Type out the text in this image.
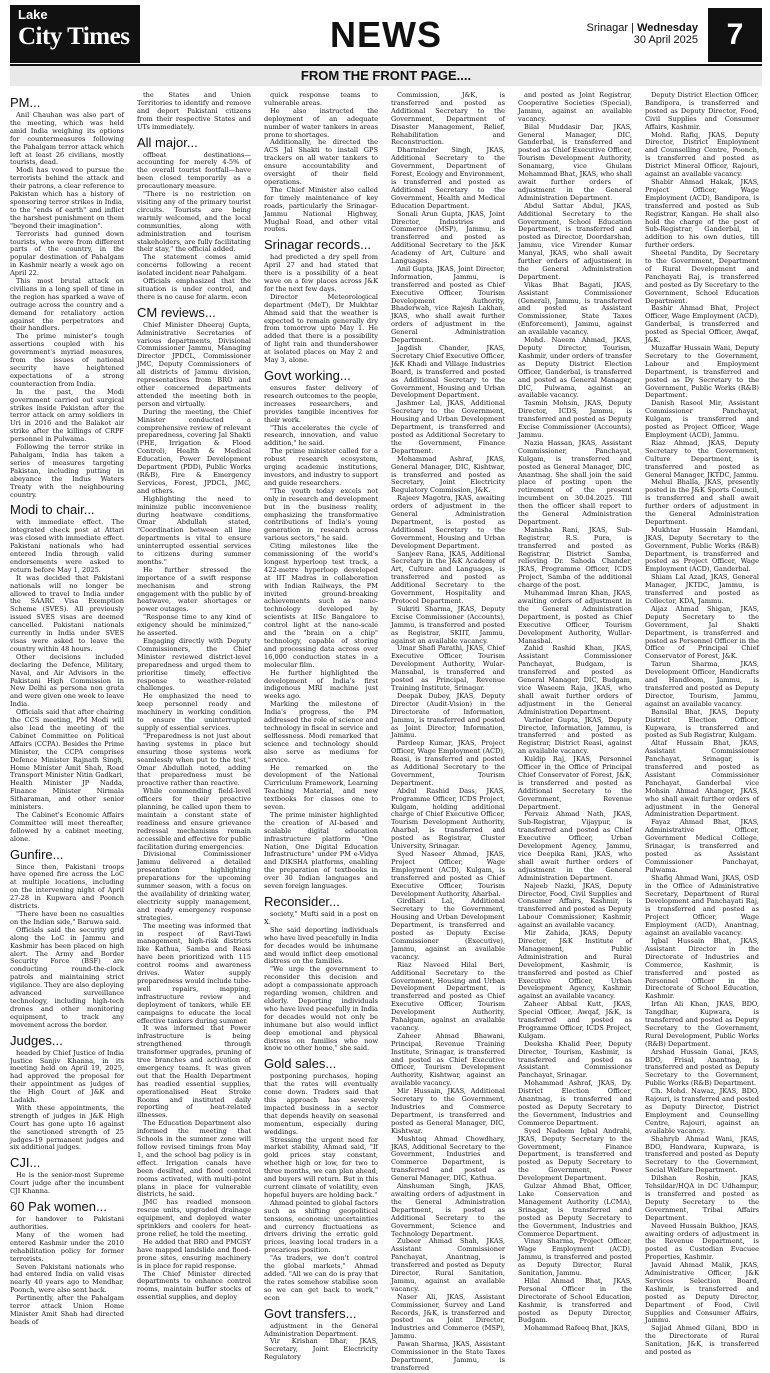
Lake
City Times	NEWS	Srinagar | Wednesday
30 April 2025 7
FROM THE FRONT PAGE....
PM...

Anil Chauhan was also part of the meeting, which was held amid India weighing its options for countermeasures following the Pahalgam terror attack which left at least 26 civilians, mostly tourists, dead.

Modi has vowed to pursue the terrorists behind the attack and their patrons, a clear reference to Pakistan which has a history of sponsoring terror strikes in India, to the "ends of earth" and inflict the harshest punishment on them "beyond their imagination".

Terrorists had gunned down tourists, who were from different parts of the country, in the popular destination of Pahalgam in Kashmir nearly a week ago on April 22.

This most brutal attack on civilians in a long spell of time in the region has sparked a wave of outrage across the country and a demand for retaliatory action against the perpetrators and their handlers.

The prime minister's tough assertions coupled with his government's myriad measures, from the issues of national security have heightened expectations of a strong counteraction from India.

In the past, the Modi government carried out surgical strikes inside Pakistan after the terror attack on army soldiers in Uri in 2016 and the Balakot air strike after the killings of CRPF personnel in Pulwama.

Following the terror strike in Pahalgam, India has taken a series of measures targeting Pakistan, including putting in abeyance the Indus Waters Treaty with the neighbouring country.

Modi to chair...

with immediate effect. The integrated check post at Attari was closed with immediate effect. Pakistani nationals who had entered India through valid endorsements were asked to return before May 1, 2025.

It was decided that Pakistani nationals will no longer be allowed to travel to India under the SAARC Visa Exemption Scheme (SVES). All previously issued SVES visas are deemed cancelled. Pakistani nationals currently in India under SVES visas were asked to leave the country within 48 hours.

Other decisions included declaring the Defence, Military, Naval, and Air Advisors in the Pakistani High Commission in New Delhi as persona non grata and were given one week to leave India.

Officials said that after chairing the CCS meeting, PM Modi will also lead the meeting of the Cabinet Committee on Political Affairs (CCPA). Besides the Prime Minister, the CCPA comprises Defence Minister Rajnath Singh, Home Minister Amit Shah, Road Transport Minister Nitin Gadkari, Health Minister JP Nadda, Finance Minister Nirmala Sitharaman, and other senior ministers.

The Cabinet's Economic Affairs Committee will meet thereafter, followed by a cabinet meeting, alone.

Gunfire...

Since then, Pakistani troops have opened fire across the LoC at multiple locations, including on the intervening night of April 27-28 in Kupwara and Poonch districts.

"There have been no casualties on the Indian side," Baruwa said.

Officials said the security grid along the LoC in Jammu and Kashmir has been placed on high alert. The Army and Border Security Force (BSF) are conducting round-the-clock patrols and maintaining strict vigilance. They are also deploying advanced surveillance technology, including high-tech drones and other monitoring equipment, to track any movement across the border.

Judges...

headed by Chief Justice of India Justice Sanjiv Khanna, in its meeting held on April 19, 2025, had approved the proposal for their appointment as judges of the High Court of J&K and Ladakh.

With these appointments, the strength of judges in J&K High Court has gone upto 16 against the sanctioned strength of 25 judges-19 permanent judges and six additional judges.

CJI...

He is the senior-most Supreme Court judge after the incumbent CJI Khanna.

60 Pak women...

for handover to Pakistani authorities.

Many of the women had entered Kashmir under the 2010 rehabilitation policy for former terrorists.

Seven Pakistani nationals who had entered India on valid visas nearly 40 years ago to Mendhar, Poonch, were also sent back.

Pertinently, after the Pahalgam terror attack Union Home Minister Amit Shah had directed heads of

the States and Union Territories to identify and remove and deport Pakistani citizens from their respective States and UTs immediately.

All major...

offbeat destinations—accounting for merely 4-5% of the overall tourist footfall—have been closed temporarily as a precautionary measure.

"There is no restriction on visiting any of the primary tourist circuits. Tourists are being warmly welcomed, and the local communities, along with administration and tourism stakeholders, are fully facilitating their stay," the official added.

The statement comes amid concerns following a recent isolated incident near Pahalgam.

Officials emphasized that the situation is under control, and there is no cause for alarm. econ

CM reviews...

Chief Minister Dheeraj Gupta, Administrative Secretaries of various departments, Divisional Commissioner Jammu, Managing Director JPDCL, Commissioner JMC, Deputy Commissioners of all districts of Jammu division, representatives from BRO and other concerned departments attended the meeting both in person and virtually.

During the meeting, the Chief Minister conducted a comprehensive review of relevant preparedness, covering Jal Shakti (PHE, Irrigation & Flood Control), Health & Medical Education, Power Development Department (PDD), Public Works (R&B), Fire & Emergency Services, Forest, JPDCL, JMC, and others.

Highlighting the need to minimize public inconvenience during heatwave conditions, Omar Abdullah stated, "Coordination between all line departments is vital to ensure uninterrupted essential services to citizens during summer months."

He further stressed the importance of a swift response mechanism and strong engagement with the public by of heatwave, water shortages or power outages.

"Response time to any kind of exigency should be minimized," he asserted.

Engaging directly with Deputy Commissioners, the Chief Minister reviewed district-level preparedness and urged them to prioritise timely, effective response to weather-related challenges.

He emphasized the need to keep personnel ready and machinery in working condition to ensure the uninterrupted supply of essential services.

"Preparedness is not just about having systems in place but ensuring those systems work seamlessly when put to the test," Omar Abdullah noted, adding that preparedness must be proactive rather than reactive.

While commending field-level officers for their proactive planning, he called upon them to maintain a constant state of readiness and ensure grievance redressal mechanisms remain accessible and effective for public facilitation during emergencies.

Divisional Commissioner Jammu delivered a detailed presentation highlighting preparations for the upcoming summer season, with a focus on the availability of drinking water, electricity supply management, and ready emergency response strategies.

The meeting was informed that in respect of Ravi-Tawi management, high-risk districts like Kathua, Samba and Reasi have been prioritized with 115 control rooms and awareness drives. Water supply preparedness would include tube-well repairs, mapping, infrastructure review and deployment of tankers, while EE campaigns to educate the local effective tankers during summer.

It was informed that Power infrastructure is being strengthened through transformer upgrades, pruning of tree branches and activation of emergency teams. It was given out that the Health Department has readied essential supplies, operationalised Heat Stroke Rooms and instituted daily reporting of heat-related illnesses.

The Education Department also informed the meeting that Schools in the summer zone will follow revised timings from May 1, and the school bag policy is in effect. Irrigation canals have been desilted, and flood control rooms activated, with multi-point plans in place for vulnerable districts, he said.

JMC has readied monsoon rescue units, upgraded drainage equipment, and deployed water sprinklers and coolers for heat-prone relief, he told the meeting.

He added that BRO and PMGSY have mapped landslide and flood-prone sites, ensuring machinery is in place for rapid response.

The Chief Minister directed departments to enhance control rooms, maintain buffer stocks of essential supplies, and deploy

quick response teams to vulnerable areas.

He also instructed the deployment of an adequate number of water tankers in areas prone to shortages.

Additionally, he directed the ACS Jal Shakti to install GPS trackers on all water tankers to ensure accountability and oversight of their field operations.

The Chief Minister also called for timely maintenance of key roads, particularly the Srinagar-Jammu National Highway, Mughal Road, and other vital routes.

Srinagar records...

had predicted a dry spell from April 27 and had stated that there is a possibility of a heat wave on a few places across J&K for the next few days.

Director Meteorological department (MeT), Dr Mukhtar Ahmad said that the weather is expected to remain generally dry from tomorrow upto May 1. He added that there is a possibility of light rain and thundershower at isolated places on May 2 and May 3, alone.

Govt working...

ensures faster delivery of research outcomes to the people, increases researchers, and provides tangible incentives for their work.

"This accelerates the cycle of research, innovation, and value addition," he said.

The prime minister called for a robust research ecosystem, urging academic institutions, investors, and industry to support and guide researchers.

"The youth today excels not only in research and development but in the business reality, emphasizing the transformative contributions of India's young generation in research across various sectors," he said.

Citing milestones like the commissioning of the world's longest hyperloop test track, a 422-metre hyperloop developed at IIT Madras in collaboration with Indian Railways, the PM invited ground-breaking achievements such as nano-technology developed by scientists at IISc Bangalore to control light at the nano-scale and the "brain on a chip" technology, capable of storing and processing data across over 16,000 conduction states in a molecular film.

He further highlighted the development of India's first indigenous MRI machine just weeks ago.

Marking the milestone of India's progress, the PM addressed the role of science and technology in fiscal in service and selflessness. Modi remarked that science and technology should also serve as mediums for service.

He remarked on the development of the National Curriculum Framework, Learning Teaching Material, and new textbooks for classes one to seven.

The prime minister highlighted the creation of AI-based and scalable digital education infrastructure platform "One Nation, One Digital Education Infrastructure" under PM e-Vidya and DIKSHA platforms, enabling the preparation of textbooks in over 30 Indian languages and seven foreign languages.

Reconsider...

society," Mufti said in a post on X.

She said deporting individuals who have lived peacefully in India for decades would be inhumane and would inflict deep emotional distress on the families.

"We urge the government to reconsider this decision and adopt a compassionate approach regarding women, children and elderly. Deporting individuals who have lived peacefully in India for decades would not only be inhumane but also would inflict deep emotional and physical distress on families who now know no other home," she said.

Gold sales...

postponing purchases, hoping that the rates will eventually come down. Traders said that this approach has severely impacted business in a sector that depends heavily on seasonal momentum, especially during weddings.

Stressing the urgent need for market stability, Ahmad said, "If gold prices stay constant, whether high or low, for two to three months, we can plan ahead, and buyers will return. But in this current climate of volatility, even hopeful buyers are holding back."

Ahmad pointed to global factors such as shifting geopolitical tensions, economic uncertainties and currency fluctuations as drivers driving the erratic gold prices, leaving local traders in a precarious position.

"As traders, we don't control the global markets," Ahmad added. "All we can do is pray that the rates somehow stabilise soon so we can get back to work," econ

Govt transfers...

adjustment in the General Administration Department.

Vir Krishan Dhar, JKAS, Secretary, Joint Electricity Regulatory

Commission, J&K, is transferred and posted as Additional Secretary to the Government, Department of Disaster Management, Relief, Rehabilitation and Reconstruction.

Dharminder Singh, JKAS, Additional Secretary to the Government, Department of Forest, Ecology and Environment, is transferred and posted as Additional Secretary to the Government, Health and Medical Education Department.

Sonali Arun Gupta, JKAS, Joint Director, Industries and Commerce (MSP), Jammu, is transferred and posted as Additional Secretary to the J&K Academy of Art, Culture and Languages.

Anil Gupta, JKAS, Joint Director, Information, Jammu, is transferred and posted as Chief Executive Officer, Tourism Development Authority, Bhaderwah, vice Rajesh Lakhan, JKAS, who shall await further orders of adjustment in the General Administration Department.

Jagdish Chander, JKAS, Secretary Chief Executive Officer, J&K Khadi and Village Industries Board, is transferred and posted as Additional Secretary to the Government, Housing and Urban Development Department.

Jashmer Lal, JKAS, Additional Secretary to the Government, Housing and Urban Development Department, is transferred and posted as Additional Secretary to the Government, Finance Department.

Mohammad Ashraf, JKAS, General Manager, DIC, Kishtwar, is transferred and posted as Secretary, Joint Electricity Regulatory Commission, J&K.

Rajeev Magotra, JKAS, awaiting orders of adjustment in the General Administration Department, is posted as Additional Secretary to the Government, Housing and Urban Development Department.

Sanjeev Rana, JKAS, Additional Secretary in the J&K Academy of Art, Culture and Languages, is transferred and posted as Additional Secretary to the Government, Hospitality and Protocol Department.

Sukriti Sharma, JKAS, Deputy Excise Commissioner (Accounts), Jammu, is transferred and posted as Registrar, SKIIT, Jammu, against an available vacancy.

Umar Shafi Parathi, JKAS, Chief Executive Officer, Tourism Development Authority, Wular-Mansabal, is transferred and posted as Principal, Revenue Training Institute, Srinagar.

Deepak Dubey, JKAS, Deputy Director (Audit-Vision) in the Directorate of Information, Jammu, is transferred and posted as Joint Director, Information, Jammu.

Pardeep Kumar, JKAS, Project Officer, Wage Employment (ACD), Reasi, is transferred and posted as Additional Secretary to the Government, Tourism Department.

Abdul Rashid Dass, JKAS, Programme Officer, ICDS Project, Kulgam, holding additional charge of Chief Executive Officer, Tourism Development Authority, Aharbal, is transferred and posted as Registrar, Cluster University, Srinagar.

Syed Naseer Ahmad, JKAS, Project Officer, Wage Employment (ACD), Kulgam, is transferred and posted as Chief Executive Officer, Tourism Development Authority, Aharbal.

Girdhari Lal, Additional Secretary to the Government, Housing and Urban Development Department, is transferred and posted as Deputy Excise Commissioner (Executive), Jammu, against an available vacancy.

Riaz Naveed Hilal Beri, Additional Secretary to the Government, Housing and Urban Development Department, is transferred and posted as Chief Executive Officer, Tourism Development Authority, Pahalgam, against an available vacancy.

Zaheer Ahmad Bhawani, Principal, Revenue Training Institute, Srinagar, is transferred and posted as Chief Executive Officer, Tourism Development Authority, Kishtwar, against an available vacancy.

Mir Hussain, JKAS, Additional Secretary to the Government, Industries and Commerce Department, is transferred and posted as General Manager, DIC, Kishtwar.

Mushtaq Ahmad Chowdhary, JKAS, Additional Secretary to the Government, Industries and Commerce Department, is transferred and posted as General Manager, DIC, Kathua.

Ainshuman Singh, JKAS, awaiting orders of adjustment in the General Administration Department, is posted as Additional Secretary to the Government, Science and Technology Department.

Zubeer Ahmad Shah, JKAS, Assistant Commissioner Panchayat, Anantnag, is transferred and posted as Deputy Director, Rural Sanitation, Jammu, against an available vacancy.

Naser Ali, JKAS, Assistant Commissioner, Survey and Land Records, J&K, is transferred and posted as Joint Director, Industries and Commerce (MSP), Jammu.

Pawan Sharma, JKAS, Assistant Commissioner in the State Taxes Department, Jammu, is transferred

and posted as Joint Registrar, Cooperative Societies (Special), Jammu, against an available vacancy.

Bilal Muddasir Dar, JKAS, General Manager, DIC, Ganderbal, is transferred and posted as Chief Executive Officer, Tourism Development Authority, Sonamarg, vice Ghulam Mohammad Bhat, JKAS, who shall await further orders of adjustment in the General Administration Department.

Abdul Sattar Abdul, JKAS, Additional Secretary to the Government, School Education Department, is transferred and posted as Director, Doordarshan, Jammu, vice Virender Kumar Manyal, JKAS, who shall await further orders of adjustment in the General Administration Department.

Vikas Bhat Bagati, JKAS, Assistant Commissioner (General), Jammu, is transferred and posted as Assistant Commissioner, State Taxes (Enforcement), Jammu, against an available vacancy.

Mohd. Naeem Ahmad, JKAS, Deputy Director, Tourism, Kashmir, under orders of transfer as Deputy District Election Officer, Ganderbal, is transferred and posted as General Manager, DIC, Pulwama, against an available vacancy.

Tasmin Mohsin, JKAS, Deputy Director, ICDS, Jammu, is transferred and posted as Deputy Excise Commissioner (Accounts), Jammu.

Nazia Hassan, JKAS, Assistant Commissioner, Panchayat, Kulgam, is transferred and posted as General Manager, DIC, Anantnag. She shall join the said place of posting upon the retirement of the present incumbent on 30.04.2025. Till then the officer shall report to the General Administration Department.

Manisha Rani, JKAS, Sub-Registrar, R.S. Pura, is transferred and posted as Registrar, District Samba, relieving Dr. Sahoda Chander, JKAS, Programme Officer, ICDS Project, Samba of the additional charge of the post.

Muhammad Imran Khan, JKAS, awaiting orders of adjustment in the General Administration Department, is posted as Chief Executive Officer, Tourism Development Authority, Wullar-Manasbal.

Zahid Rashid Khan, JKAS, Assistant Commissioner Panchayat, Budgam, is transferred and posted as General Manager, DIC, Budgam, vice Waseem Raja, JKAS, who shall await further orders of adjustment in the General Administration Department.

Varinder Gupta, JKAS, Deputy Director, Information, Jammu, is transferred and posted as Registrar, District Reasi, against an available vacancy.

Kuldip Raj, JKAS, Personnel Officer in the Office of Principal Chief Conservator of Forest, J&K, is transferred and posted as Additional Secretary to the Government, Revenue Department.

Pervaiz Ahmad Nath, JKAS, Sub-Registrar, Vijaypur, is transferred and posted as Chief Executive Officer, Urban Development Agency, Jammu, vice Deepika Rani, JKAS, who shall await further orders of adjustment in the General Administration Department.

Najeeb Nazki, JKAS, Deputy Director, Food, Civil Supplies and Consumer Affairs, Kashmir, is transferred and posted as Deputy Labour Commissioner, Kashmir, against an available vacancy.

Mir Zahida, JKAS, Deputy Director, J&K Institute of Management, Public Administration and Rural Development, Kashmir, is transferred and posted as Chief Executive Officer, Urban Development Agency, Kashmir, against an available vacancy.

Zaheer Abbal Kutt, JKAS, Special Officer, Awqaf, J&K, is transferred and posted as Programme Officer, ICDS Project, Kulgam.

Deeksha Khalid Peer, Deputy Director, Tourism, Kashmir, is transferred and posted as Assistant Commissioner Panchayat, Srinagar.

Mohammad Ashraf, JKAS, Dy. District Election Officer, Anantnag, is transferred and posted as Deputy Secretary to the Government, Industries and Commerce Department.

Syed Nadeem Iqbal Andrabi, JKAS, Deputy Secretary to the Government, Finance Department, is transferred and posted as Deputy Secretary to the Government, Power Development Department.

Gulzar Ahmad Bhat, Officer, Lake Conservation and Management Authority (LCMA), Srinagar, is transferred and posted as Deputy Secretary to the Government, Industries and Commerce Department.

Vinay Sharma, Project Officer, Wage Employment (ACD), Jammu, is transferred and posted as Deputy Director, Rural Sanitation, Jammu.

Hilal Ahmad Bhat, JKAS, Personal Officer in the Directorate of School Education, Kashmir, is transferred and posted as Deputy Director, Budgam.

Mohammad Rafeeq Bhat, JKAS,

Deputy District Election Officer, Bandipora, is transferred and posted as Deputy Director, Food, Civil Supplies and Consumer Affairs, Kashmir.

Mohd. Rafiq, JKAS, Deputy Director, District Employment and Counselling Centre, Poonch, is transferred and posted as District Mineral Officer, Rajouri, against an available vacancy.

Shabir Ahmad Hakak, JKAS, Project Officer, Wage Employment (ACD), Bandipora, is transferred and posted as Sub Registrar, Kangan. He shall also hold the charge of the post of Sub-Registrar, Ganderbal, in addition to his own duties, till further orders.

Sheetal Pandita, Dy Secretary to the Government, Department of Rural Development and Panchayati Raj, is transferred and posted as Dy Secretary to the Government, School Education Department.

Bashir Ahmad Bhat, Project Officer, Wage Employment (ACD), Ganderbal, is transferred and posted as Special Officer, Awqaf, J&K.

Muzaffar Hussain Wani, Deputy Secretary to the Government, Labour and Employment Department, is transferred and posted as Dy Secretary to the Government, Public Works (R&B) Department.

Danish Rasool Mir, Assistant Commissioner Panchayat, Kulgam, is transferred and posted as Project Officer, Wage Employment (ACD), Jammu.

Riaz Ahmad, JKAS, Deputy Secretary to the Government, Culture Department, is transferred and posted as General Manager, JKTDC, Jammu.

Mehul Bhalla, JKAS, presently posted in the J&K Sports Council, is transferred and shall await further orders of adjustment in the General Administration Department.

Mukhtar Hussain Hamdani, JKAS, Deputy Secretary to the Government, Public Works (R&B) Department, is transferred and posted as Project Officer, Wage Employment (ACD), Ganderbal.

Shiam Lal Azad, JKAS, General Manager, JKTDC, Jammu, is transferred and posted as Collector, KDA, Jammu.

Aijaz Ahmad Shigan, JKAS, Deputy Secretary to the Government, Jal Shakti Department, is transferred and posted as Personnel Officer in the Office of Principal Chief Conservator of Forest, J&K.

Tarun Sharma, JKAS, Development Officer, Handicrafts and Handloom, Jammu, is transferred and posted as Deputy Director, Tourism, Jammu, against an available vacancy.

Bansilal Bhat, JKAS, Deputy District Election Officer, Kupwara, is transferred and posted as Sub Registrar, Kulgam.

Altaf Hussain Bhat, JKAS, Assistant Commissioner Panchayat, Srinagar, is transferred and posted as Assistant Commissioner Panchayat, Ganderbal vice Mohsin Ahmad Ahanger, JKAS, who shall await further orders of adjustment in the General Administration Department.

Fayaz Ahmad Bhat, JKAS, Administrative Officer, Government Medical College, Srinagar, is transferred and posted as Assistant Commissioner Panchayat, Pulwama.

Shafiq Ahmad Wani, JKAS, OSD in the Office of Administrative Secretary, Department of Rural Development and Panchayati Raj, is transferred and posted as Project Officer, Wage Employment (ACD), Anantnag, against an available vacancy.

Iqbal Hussain Bhat, JKAS, Assistant Director in the Directorate of Industries and Commerce, Kashmir, is transferred and posted as Personnel Officer in the Directorate of School Education, Kashmir.

Irfan Ali Khan, JKAS, BDO, Tangdhar, Kupwara, is transferred and posted as Deputy Secretary to the Government, Rural Development, Public Works (R&B) Department.

Arshad Hussain Ganai, JKAS, BDO, Frisal, Anantnag, is transferred and posted as Deputy Secretary to the Government, Public Works (R&B) Department.

Ch. Mohd. Nawaz, JKAS, BDO, Rajouri, is transferred and posted as Deputy Director, District Employment and Counselling Centre, Rajouri, against an available vacancy.

Shahryb Ahmad Wani, JKAS, BDO, Handwara, Kupwara, is transferred and posted as Deputy Secretary to the Government, Social Welfare Department.

Dilshan Roshin, JKAS, Tehsildar/HQA in DC Udhampur, is transferred and posted as Deputy Secretary to the Government, Tribal Affairs Department.

Naveed Hussain Bukhoo, JKAS, awaiting orders of adjustment in the Revenue Department, is posted as Custodian Evacuee Properties, Kashmir.

Javaid Ahmad Malik, JKAS, Administrative Officer, J&K Services Selection Board, Kashmir, is transferred and posted as Deputy Director, Department of Food, Civil Supplies and Consumer Affairs, Jammu.

Sajjad Ahmed Gilani, BDO in the Directorate of Rural Sanitation, J&K, is transferred and posted as
